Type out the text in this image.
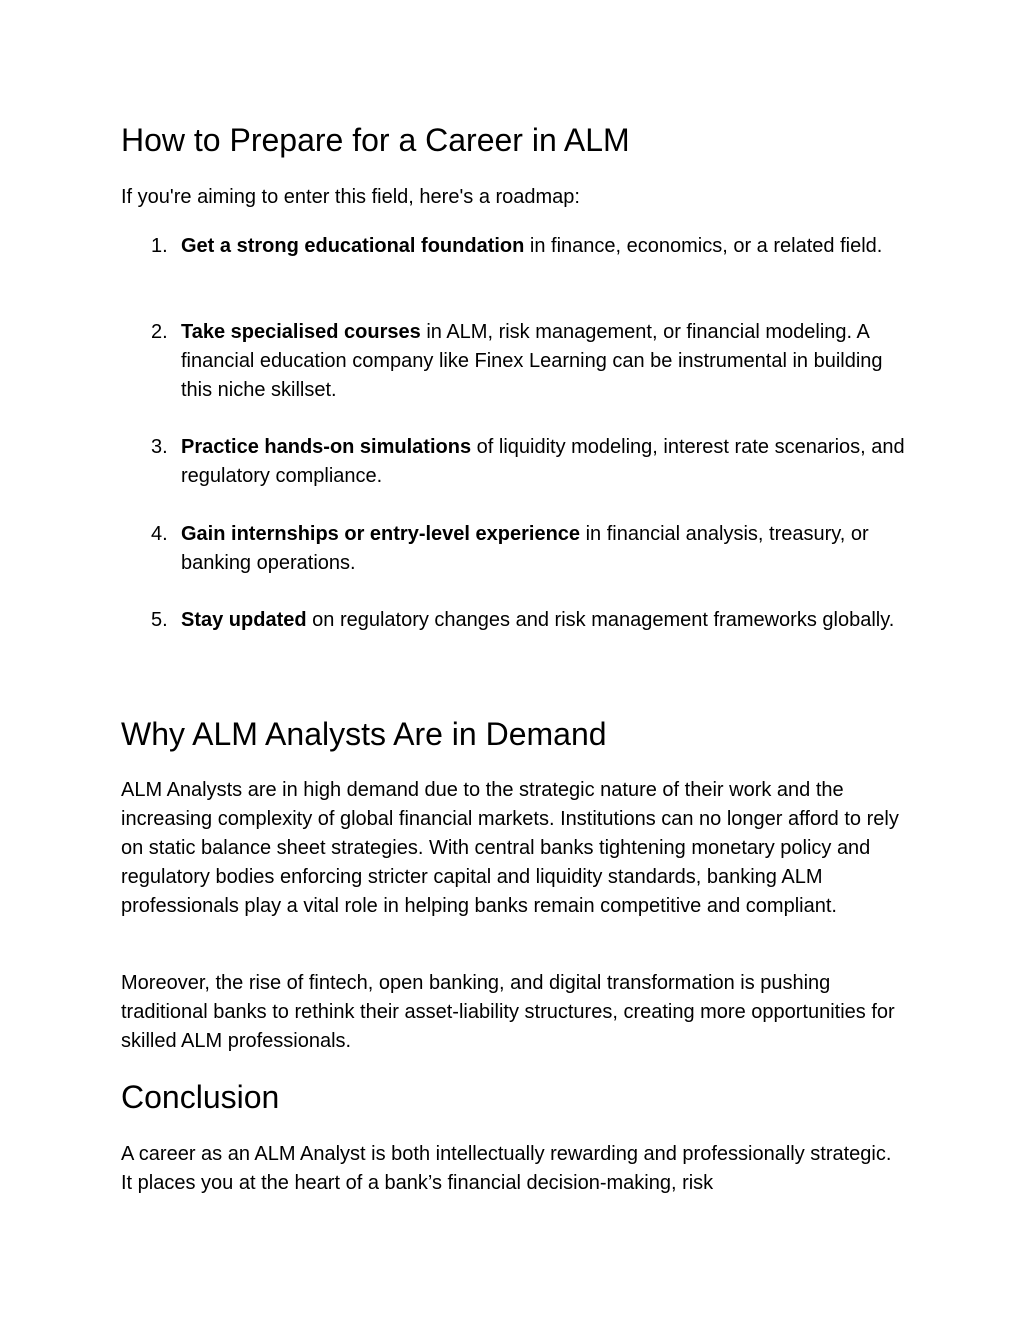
How to Prepare for a Career in ALM

If you're aiming to enter this field, here's a roadmap:

1. Get a strong educational foundation in finance, economics, or a related field.
2. Take specialised courses in ALM, risk management, or financial modeling. A financial education company like Finex Learning can be instrumental in building this niche skillset.
3. Practice hands-on simulations of liquidity modeling, interest rate scenarios, and regulatory compliance.
4. Gain internships or entry-level experience in financial analysis, treasury, or banking operations.
5. Stay updated on regulatory changes and risk management frameworks globally.
Why ALM Analysts Are in Demand

ALM Analysts are in high demand due to the strategic nature of their work and the increasing complexity of global financial markets. Institutions can no longer afford to rely on static balance sheet strategies. With central banks tightening monetary policy and regulatory bodies enforcing stricter capital and liquidity standards, banking ALM professionals play a vital role in helping banks remain competitive and compliant.

Moreover, the rise of fintech, open banking, and digital transformation is pushing traditional banks to rethink their asset-liability structures, creating more opportunities for skilled ALM professionals.

Conclusion

A career as an ALM Analyst is both intellectually rewarding and professionally strategic. It places you at the heart of a bank’s financial decision-making, risk
